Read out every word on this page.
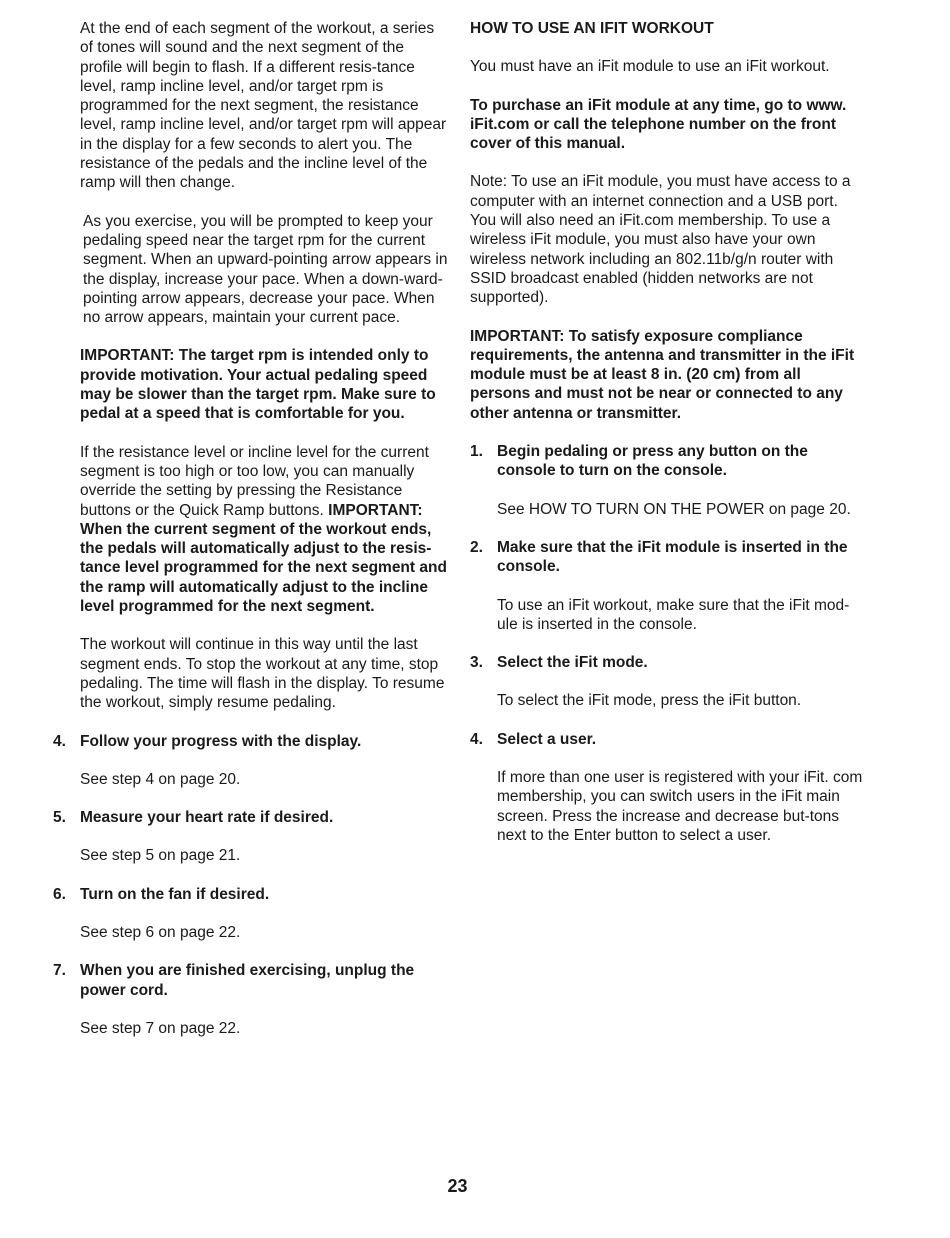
At the end of each segment of the workout, a series of tones will sound and the next segment of the profile will begin to flash. If a different resis-tance level, ramp incline level, and/or target rpm is programmed for the next segment, the resistance level, ramp incline level, and/or target rpm will appear in the display for a few seconds to alert you. The resistance of the pedals and the incline level of the ramp will then change.

As you exercise, you will be prompted to keep your pedaling speed near the target rpm for the current segment. When an upward-pointing arrow appears in the display, increase your pace. When a down-ward-pointing arrow appears, decrease your pace. When no arrow appears, maintain your current pace.

IMPORTANT: The target rpm is intended only to provide motivation. Your actual pedaling speed may be slower than the target rpm. Make sure to pedal at a speed that is comfortable for you.

If the resistance level or incline level for the current segment is too high or too low, you can manually override the setting by pressing the Resistance buttons or the Quick Ramp buttons. IMPORTANT: When the current segment of the workout ends, the pedals will automatically adjust to the resis-tance level programmed for the next segment and the ramp will automatically adjust to the incline level programmed for the next segment.

The workout will continue in this way until the last segment ends. To stop the workout at any time, stop pedaling. The time will flash in the display. To resume the workout, simply resume pedaling.

4. Follow your progress with the display.

See step 4 on page 20.

5. Measure your heart rate if desired.

See step 5 on page 21.

6. Turn on the fan if desired.

See step 6 on page 22.

7. When you are finished exercising, unplug the power cord.

See step 7 on page 22.

HOW TO USE AN IFIT WORKOUT

You must have an iFit module to use an iFit workout.

To purchase an iFit module at any time, go to www. iFit.com or call the telephone number on the front cover of this manual.

Note: To use an iFit module, you must have access to a computer with an internet connection and a USB port. You will also need an iFit.com membership. To use a wireless iFit module, you must also have your own wireless network including an 802.11b/g/n router with SSID broadcast enabled (hidden networks are not supported).

IMPORTANT: To satisfy exposure compliance requirements, the antenna and transmitter in the iFit module must be at least 8 in. (20 cm) from all persons and must not be near or connected to any other antenna or transmitter.

1. Begin pedaling or press any button on the console to turn on the console.

See HOW TO TURN ON THE POWER on page 20.

2. Make sure that the iFit module is inserted in the console.

To use an iFit workout, make sure that the iFit mod-ule is inserted in the console.

3. Select the iFit mode.

To select the iFit mode, press the iFit button.

4. Select a user.

If more than one user is registered with your iFit. com membership, you can switch users in the iFit main screen. Press the increase and decrease but-tons next to the Enter button to select a user.

23
